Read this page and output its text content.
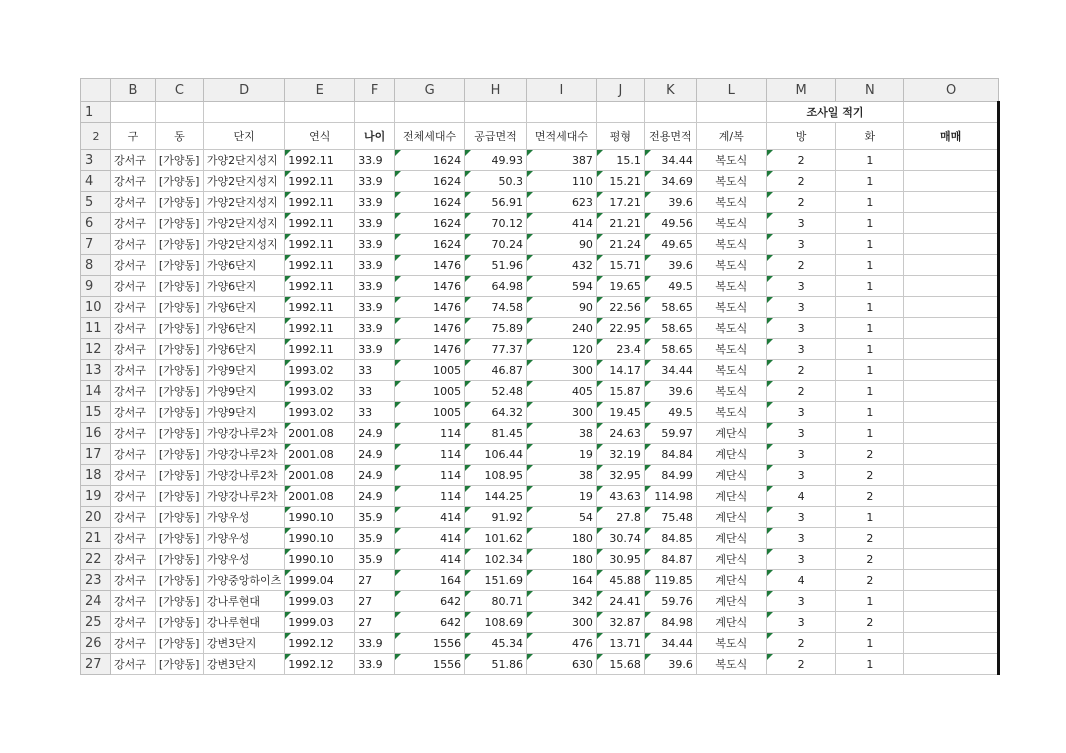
	B	C	D	E	F	G	H	I	J	K	L	M	N	O
1												조사일 적기		
2	구	동	단지	연식	나이	전체세대수	공급면적	면적세대수	평형	전용면적	계/복	방	화	매매
3	강서구	[가양동]	가양2단지성지	1992.11	33.9	1624	49.93	387	15.1	34.44	복도식	2	1	
4	강서구	[가양동]	가양2단지성지	1992.11	33.9	1624	50.3	110	15.21	34.69	복도식	2	1	
5	강서구	[가양동]	가양2단지성지	1992.11	33.9	1624	56.91	623	17.21	39.6	복도식	2	1	
6	강서구	[가양동]	가양2단지성지	1992.11	33.9	1624	70.12	414	21.21	49.56	복도식	3	1	
7	강서구	[가양동]	가양2단지성지	1992.11	33.9	1624	70.24	90	21.24	49.65	복도식	3	1	
8	강서구	[가양동]	가양6단지	1992.11	33.9	1476	51.96	432	15.71	39.6	복도식	2	1	
9	강서구	[가양동]	가양6단지	1992.11	33.9	1476	64.98	594	19.65	49.5	복도식	3	1	
10	강서구	[가양동]	가양6단지	1992.11	33.9	1476	74.58	90	22.56	58.65	복도식	3	1	
11	강서구	[가양동]	가양6단지	1992.11	33.9	1476	75.89	240	22.95	58.65	복도식	3	1	
12	강서구	[가양동]	가양6단지	1992.11	33.9	1476	77.37	120	23.4	58.65	복도식	3	1	
13	강서구	[가양동]	가양9단지	1993.02	33	1005	46.87	300	14.17	34.44	복도식	2	1	
14	강서구	[가양동]	가양9단지	1993.02	33	1005	52.48	405	15.87	39.6	복도식	2	1	
15	강서구	[가양동]	가양9단지	1993.02	33	1005	64.32	300	19.45	49.5	복도식	3	1	
16	강서구	[가양동]	가양강나루2차	2001.08	24.9	114	81.45	38	24.63	59.97	계단식	3	1	
17	강서구	[가양동]	가양강나루2차	2001.08	24.9	114	106.44	19	32.19	84.84	계단식	3	2	
18	강서구	[가양동]	가양강나루2차	2001.08	24.9	114	108.95	38	32.95	84.99	계단식	3	2	
19	강서구	[가양동]	가양강나루2차	2001.08	24.9	114	144.25	19	43.63	114.98	계단식	4	2	
20	강서구	[가양동]	가양우성	1990.10	35.9	414	91.92	54	27.8	75.48	계단식	3	1	
21	강서구	[가양동]	가양우성	1990.10	35.9	414	101.62	180	30.74	84.85	계단식	3	2	
22	강서구	[가양동]	가양우성	1990.10	35.9	414	102.34	180	30.95	84.87	계단식	3	2	
23	강서구	[가양동]	가양중앙하이츠	1999.04	27	164	151.69	164	45.88	119.85	계단식	4	2	
24	강서구	[가양동]	강나루현대	1999.03	27	642	80.71	342	24.41	59.76	계단식	3	1	
25	강서구	[가양동]	강나루현대	1999.03	27	642	108.69	300	32.87	84.98	계단식	3	2	
26	강서구	[가양동]	강변3단지	1992.12	33.9	1556	45.34	476	13.71	34.44	복도식	2	1	
27	강서구	[가양동]	강변3단지	1992.12	33.9	1556	51.86	630	15.68	39.6	복도식	2	1	
